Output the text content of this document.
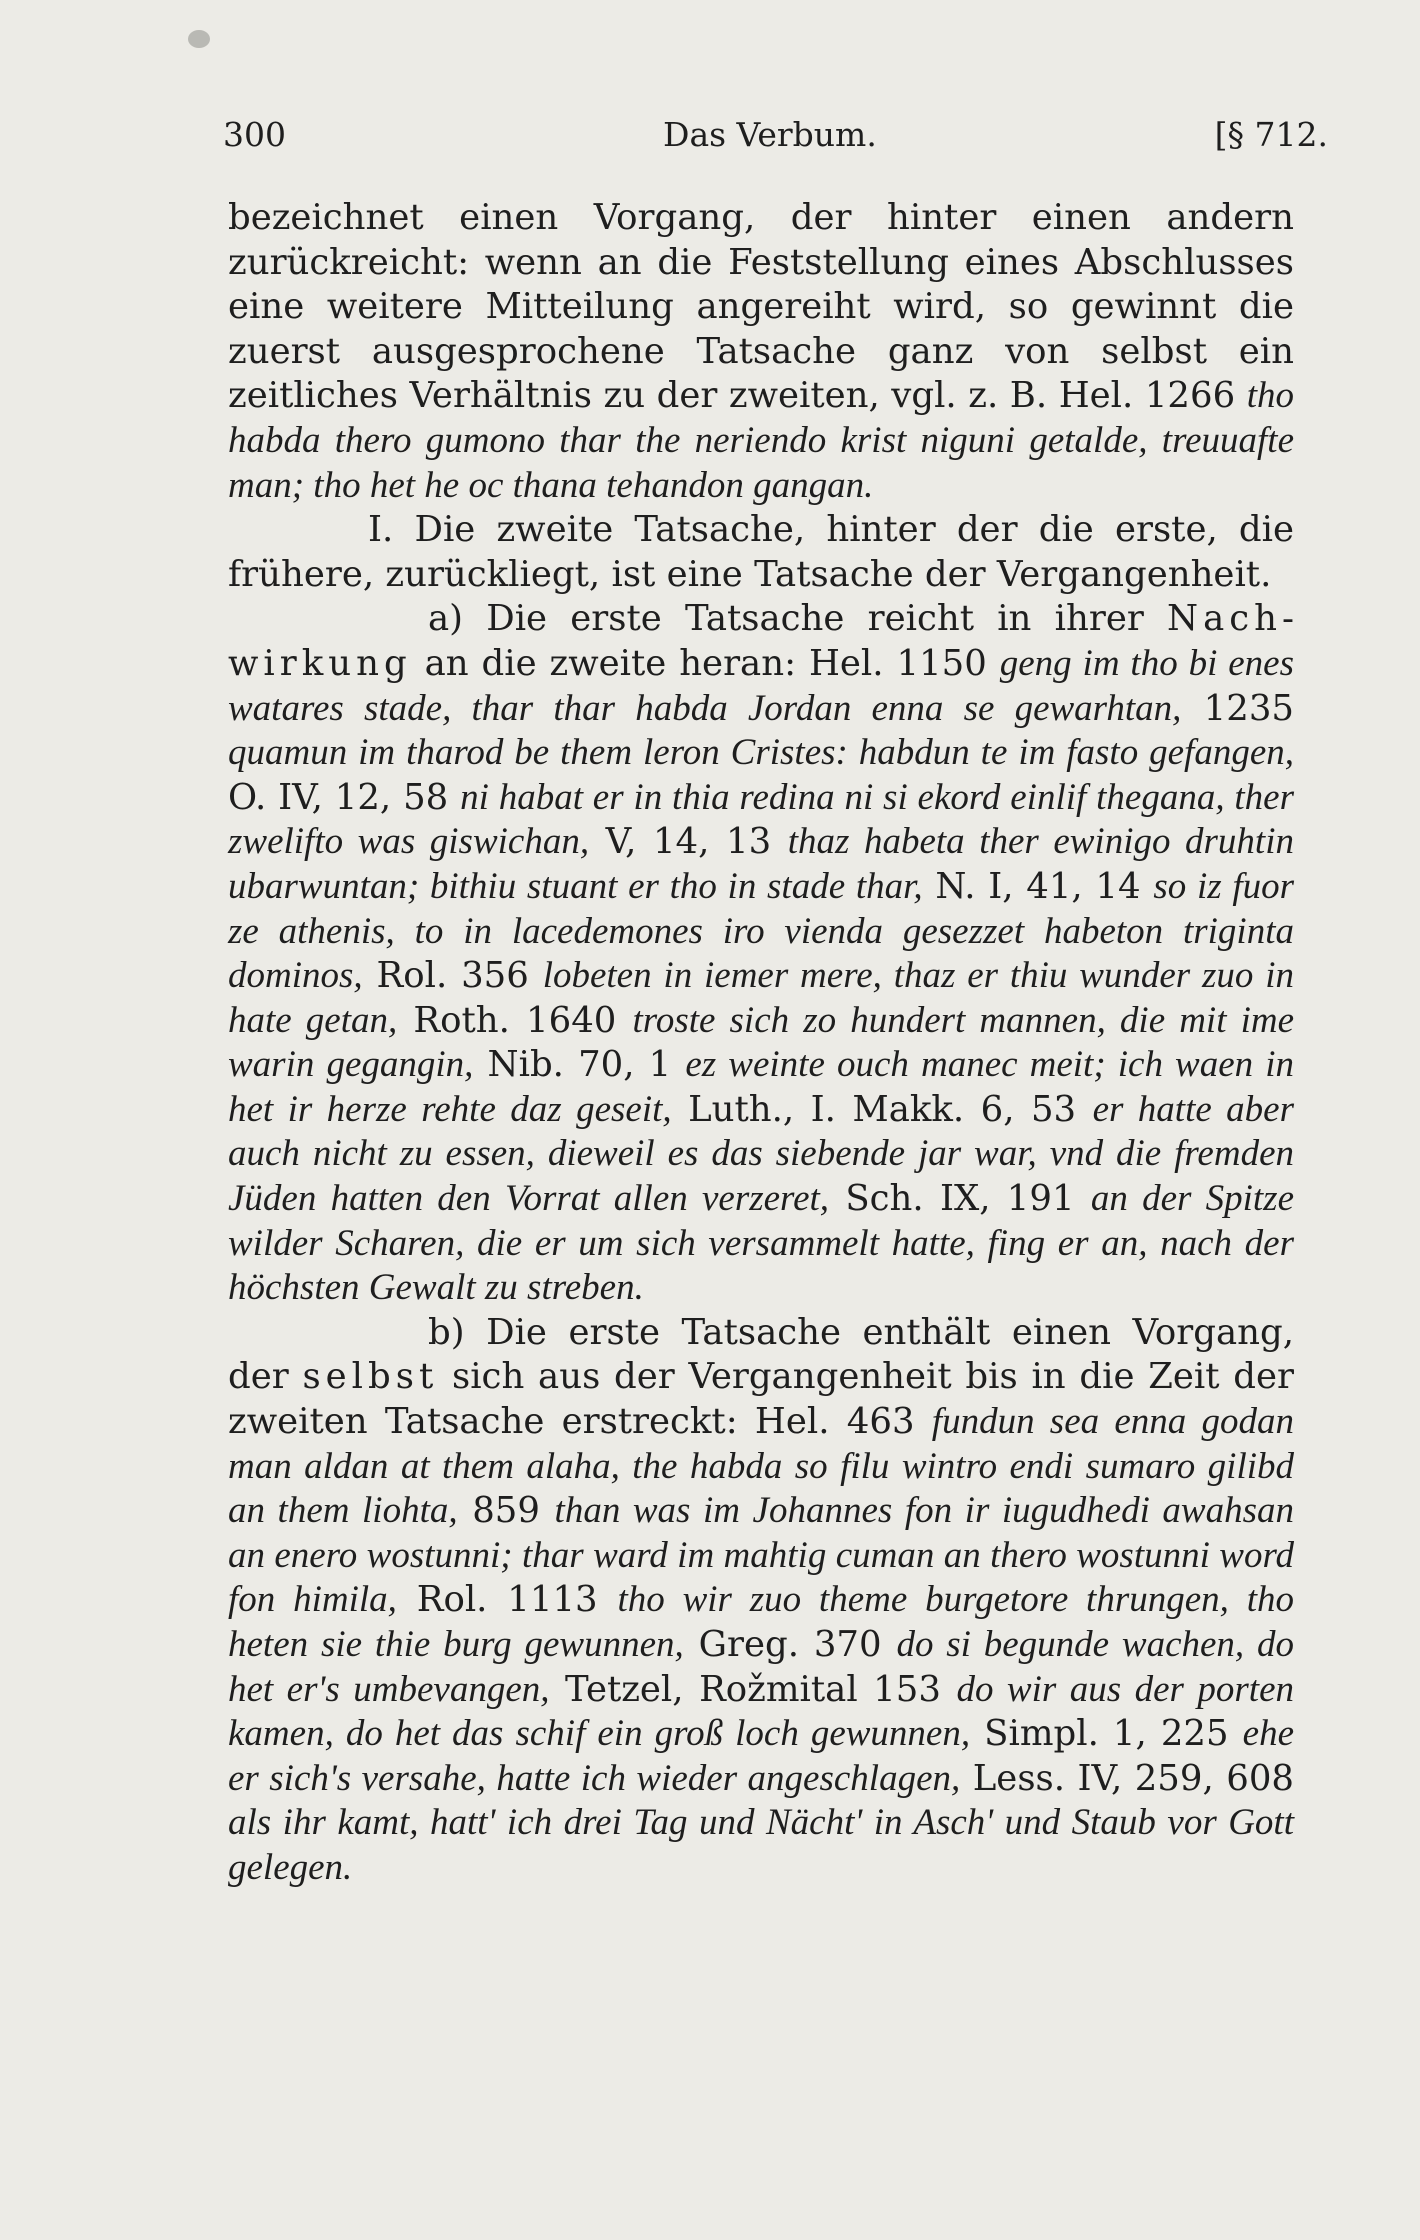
300	Das Verbum.	[§ 712.

bezeichnet einen Vorgang, der hinter einen andern zurückreicht: wenn an die Feststellung eines Abschlusses eine weitere Mitteilung angereiht wird, so gewinnt die zuerst ausgesprochene Tatsache ganz von selbst ein zeitliches Verhältnis zu der zweiten, vgl. z. B. Hel. 1266 tho habda thero gumono thar the neriendo krist niguni getalde, treuuafte man; tho het he oc thana tehandon gangan.

I. Die zweite Tatsache, hinter der die erste, die frühere, zurückliegt, ist eine Tatsache der Vergangenheit.

a) Die erste Tatsache reicht in ihrer Nachwirkung an die zweite heran: Hel. 1150 geng im tho bi enes watares stade, thar thar habda Jordan enna se gewarhtan, 1235 quamun im tharod be them leron Cristes: habdun te im fasto gefangen, O. IV, 12, 58 ni habat er in thia redina ni si ekord einlif thegana, ther zwelifto was giswichan, V, 14, 13 thaz habeta ther ewinigo druhtin ubarwuntan; bithiu stuant er tho in stade thar, N. I, 41, 14 so iz fuor ze athenis, to in lacedemones iro vienda gesezzet habeton triginta dominos, Rol. 356 lobeten in iemer mere, thaz er thiu wunder zuo in hate getan, Roth. 1640 troste sich zo hundert mannen, die mit ime warin gegangin, Nib. 70, 1 ez weinte ouch manec meit; ich waen in het ir herze rehte daz geseit, Luth., I. Makk. 6, 53 er hatte aber auch nicht zu essen, dieweil es das siebende jar war, vnd die fremden Jüden hatten den Vorrat allen verzeret, Sch. IX, 191 an der Spitze wilder Scharen, die er um sich versammelt hatte, fing er an, nach der höchsten Gewalt zu streben.

b) Die erste Tatsache enthält einen Vorgang, der selbst sich aus der Vergangenheit bis in die Zeit der zweiten Tatsache erstreckt: Hel. 463 fundun sea enna godan man aldan at them alaha, the habda so filu wintro endi sumaro gilibd an them liohta, 859 than was im Johannes fon ir iugudhedi awahsan an enero wostunni; thar ward im mahtig cuman an thero wostunni word fon himila, Rol. 1113 tho wir zuo theme burgetore thrungen, tho heten sie thie burg gewunnen, Greg. 370 do si begunde wachen, do het er's umbevangen, Tetzel, Rožmital 153 do wir aus der porten kamen, do het das schif ein groß loch gewunnen, Simpl. 1, 225 ehe er sich's versahe, hatte ich wieder angeschlagen, Less. IV, 259, 608 als ihr kamt, hatt' ich drei Tag und Nächt' in Asch' und Staub vor Gott gelegen.
